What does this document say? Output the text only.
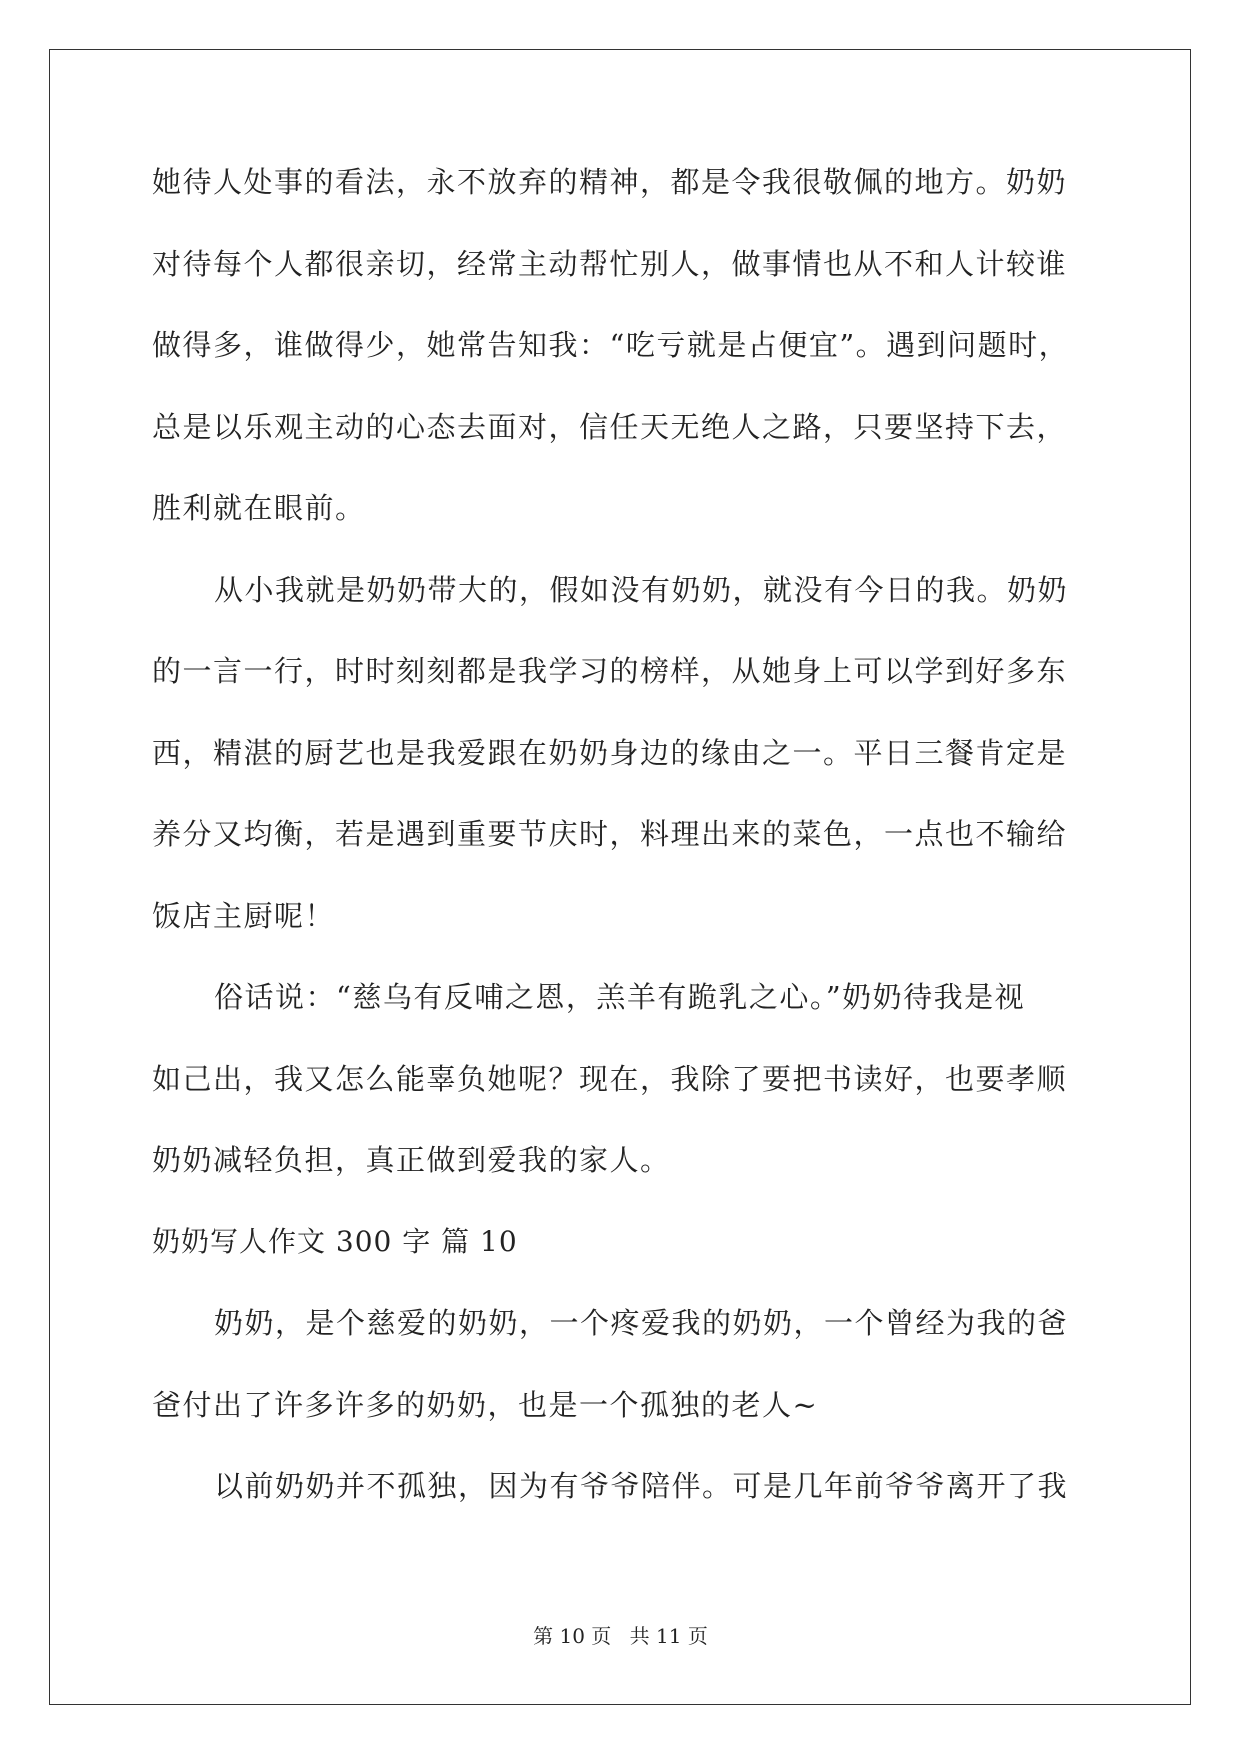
她待人处事的看法，永不放弃的精神，都是令我很敬佩的地方。奶奶
对待每个人都很亲切，经常主动帮忙别人，做事情也从不和人计较谁
做得多，谁做得少，她常告知我：“吃亏就是占便宜”。遇到问题时，
总是以乐观主动的心态去面对，信任天无绝人之路，只要坚持下去，
胜利就在眼前。
从小我就是奶奶带大的，假如没有奶奶，就没有今日的我。奶奶
的一言一行，时时刻刻都是我学习的榜样，从她身上可以学到好多东
西，精湛的厨艺也是我爱跟在奶奶身边的缘由之一。平日三餐肯定是
养分又均衡，若是遇到重要节庆时，料理出来的菜色，一点也不输给
饭店主厨呢！
俗话说：“慈乌有反哺之恩，羔羊有跪乳之心。”奶奶待我是视
如己出，我又怎么能辜负她呢？现在，我除了要把书读好，也要孝顺
奶奶减轻负担，真正做到爱我的家人。
奶奶写人作文 300 字 篇 10
奶奶，是个慈爱的奶奶，一个疼爱我的奶奶，一个曾经为我的爸
爸付出了许多许多的奶奶，也是一个孤独的老人~
以前奶奶并不孤独，因为有爷爷陪伴。可是几年前爷爷离开了我
第 10 页 共 11 页
